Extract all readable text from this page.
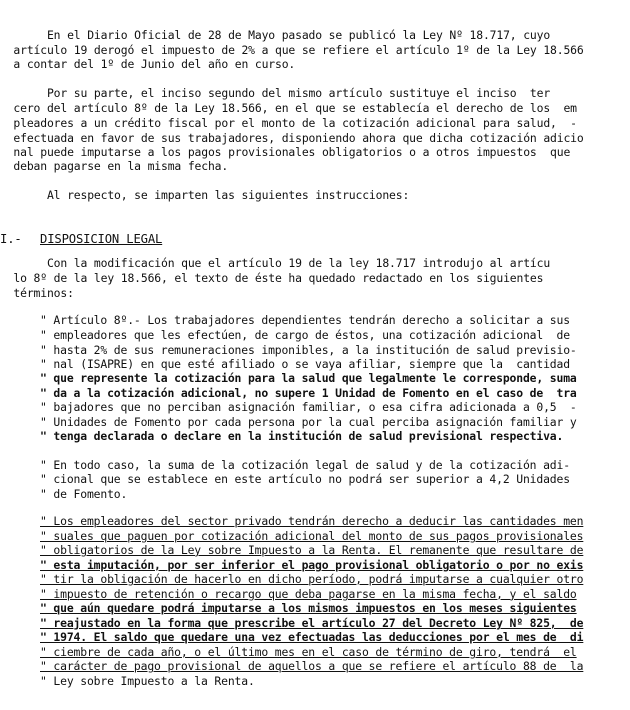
En el Diario Oficial de 28 de Mayo pasado se publicó la Ley Nº 18.717, cuyo
artículo 19 derogó el impuesto de 2% a que se refiere el artículo 1º de la Ley 18.566
a contar del 1º de Junio del año en curso.
Por su parte, el inciso segundo del mismo artículo sustituye el inciso  ter
cero del artículo 8º de la Ley 18.566, en el que se establecía el derecho de los  em
pleadores a un crédito fiscal por el monto de la cotización adicional para salud,  -
efectuada en favor de sus trabajadores, disponiendo ahora que dicha cotización adicio
nal puede imputarse a los pagos provisionales obligatorios o a otros impuestos  que
deban pagarse en la misma fecha.
Al respecto, se imparten las siguientes instrucciones:
I.- DISPOSICION LEGAL
Con la modificación que el artículo 19 de la ley 18.717 introdujo al artícu
lo 8º de la ley 18.566, el texto de éste ha quedado redactado en los siguientes
términos:
" Artículo 8º.- Los trabajadores dependientes tendrán derecho a solicitar a sus
" empleadores que les efectúen, de cargo de éstos, una cotización adicional  de
" hasta 2% de sus remuneraciones imponibles, a la institución de salud previsio-
" nal (ISAPRE) en que esté afiliado o se vaya afiliar, siempre que la  cantidad
" que represente la cotización para la salud que legalmente le corresponde, suma
" da a la cotización adicional, no supere 1 Unidad de Fomento en el caso de  tra
" bajadores que no perciban asignación familiar, o esa cifra adicionada a 0,5  -
" Unidades de Fomento por cada persona por la cual perciba asignación familiar y
" tenga declarada o declare en la institución de salud previsional respectiva.
" En todo caso, la suma de la cotización legal de salud y de la cotización adi-
" cional que se establece en este artículo no podrá ser superior a 4,2 Unidades
" de Fomento.
" Los empleadores del sector privado tendrán derecho a deducir las cantidades men
" suales que paguen por cotización adicional del monto de sus pagos provisionales
" obligatorios de la Ley sobre Impuesto a la Renta. El remanente que resultare de
" esta imputación, por ser inferior el pago provisional obligatorio o por no exis
" tir la obligación de hacerlo en dicho período, podrá imputarse a cualquier otro
" impuesto de retención o recargo que deba pagarse en la misma fecha, y el saldo
" que aún quedare podrá imputarse a los mismos impuestos en los meses siguientes
" reajustado en la forma que prescribe el artículo 27 del Decreto Ley Nº 825,  de
" 1974. El saldo que quedare una vez efectuadas las deducciones por el mes de  di
" ciembre de cada año, o el último mes en el caso de término de giro, tendrá  el
" carácter de pago provisional de aquellos a que se refiere el artículo 88 de  la
" Ley sobre Impuesto a la Renta.
